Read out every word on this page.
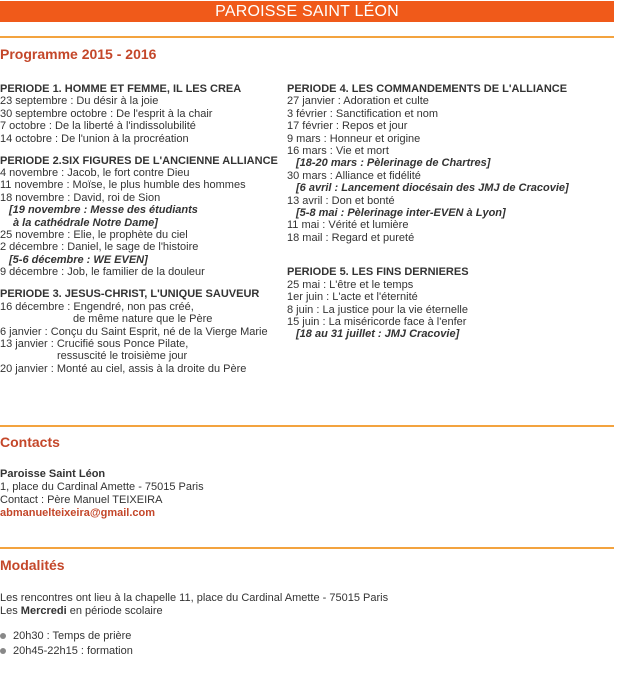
PAROISSE SAINT LÉON
Programme 2015 - 2016
PERIODE 1. HOMME ET FEMME, IL LES CREA
23 septembre : Du désir à la joie
30 septembre octobre : De l'esprit à la chair
7 octobre : De la liberté à l'indissolubilité
14 octobre : De l'union à la procréation
PERIODE 2.SIX FIGURES DE L'ANCIENNE ALLIANCE
4 novembre : Jacob, le fort contre Dieu
11 novembre : Moïse, le plus humble des hommes
18 novembre : David, roi de Sion
[19 novembre : Messe des étudiants
à la cathédrale Notre Dame]
25 novembre : Elie, le prophète du ciel
2 décembre : Daniel, le sage de l'histoire
[5-6 décembre : WE EVEN]
9 décembre : Job, le familier de la douleur
PERIODE 3. JESUS-CHRIST, L'UNIQUE SAUVEUR
16 décembre : Engendré, non pas créé,
de même nature que le Père
6 janvier : Conçu du Saint Esprit, né de la Vierge Marie
13 janvier : Crucifié sous Ponce Pilate,
ressuscité le troisième jour
20 janvier : Monté au ciel, assis à la droite du Père
PERIODE 4. LES COMMANDEMENTS DE L'ALLIANCE
27 janvier : Adoration et culte
3 février : Sanctification et nom
17 février : Repos et jour
9 mars : Honneur et origine
16 mars : Vie et mort
[18-20 mars : Pèlerinage de Chartres]
30 mars : Alliance et fidélité
[6 avril : Lancement diocésain des JMJ de Cracovie]
13 avril : Don et bonté
[5-8 mai : Pèlerinage inter-EVEN à Lyon]
11 mai : Vérité et lumière
18 mail : Regard et pureté
PERIODE 5. LES FINS DERNIERES
25 mai : L'être et le temps
1er juin : L'acte et l'éternité
8 juin : La justice pour la vie éternelle
15 juin : La miséricorde face à l'enfer
[18 au 31 juillet : JMJ Cracovie]
Contacts
Paroisse Saint Léon
1, place du Cardinal Amette - 75015 Paris
Contact : Père Manuel TEIXEIRA
abmanuelteixeira@gmail.com
Modalités
Les rencontres ont lieu à la chapelle 11, place du Cardinal Amette - 75015 Paris
Les Mercredi en période scolaire
20h30 : Temps de prière
20h45-22h15 : formation
